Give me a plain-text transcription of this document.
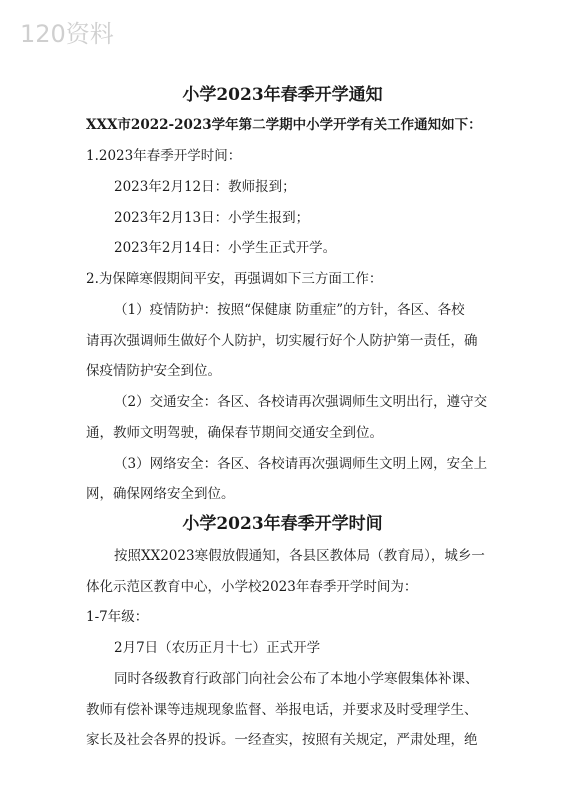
120资料
小学2023年春季开学通知
XXX市2022-2023学年第二学期中小学开学有关工作通知如下：
1.2023年春季开学时间：
2023年2月12日：教师报到；
2023年2月13日：小学生报到；
2023年2月14日：小学生正式开学。
2.为保障寒假期间平安，再强调如下三方面工作：
（1）疫情防护：按照“保健康 防重症”的方针，各区、各校
请再次强调师生做好个人防护，切实履行好个人防护第一责任，确
保疫情防护安全到位。
（2）交通安全：各区、各校请再次强调师生文明出行，遵守交
通，教师文明驾驶，确保春节期间交通安全到位。
（3）网络安全：各区、各校请再次强调师生文明上网，安全上
网，确保网络安全到位。
小学2023年春季开学时间
按照XX2023寒假放假通知，各县区教体局（教育局），城乡一
体化示范区教育中心，小学校2023年春季开学时间为：
1-7年级：
2月7日（农历正月十七）正式开学
同时各级教育行政部门向社会公布了本地小学寒假集体补课、
教师有偿补课等违规现象监督、举报电话，并要求及时受理学生、
家长及社会各界的投诉。一经查实，按照有关规定，严肃处理，绝
